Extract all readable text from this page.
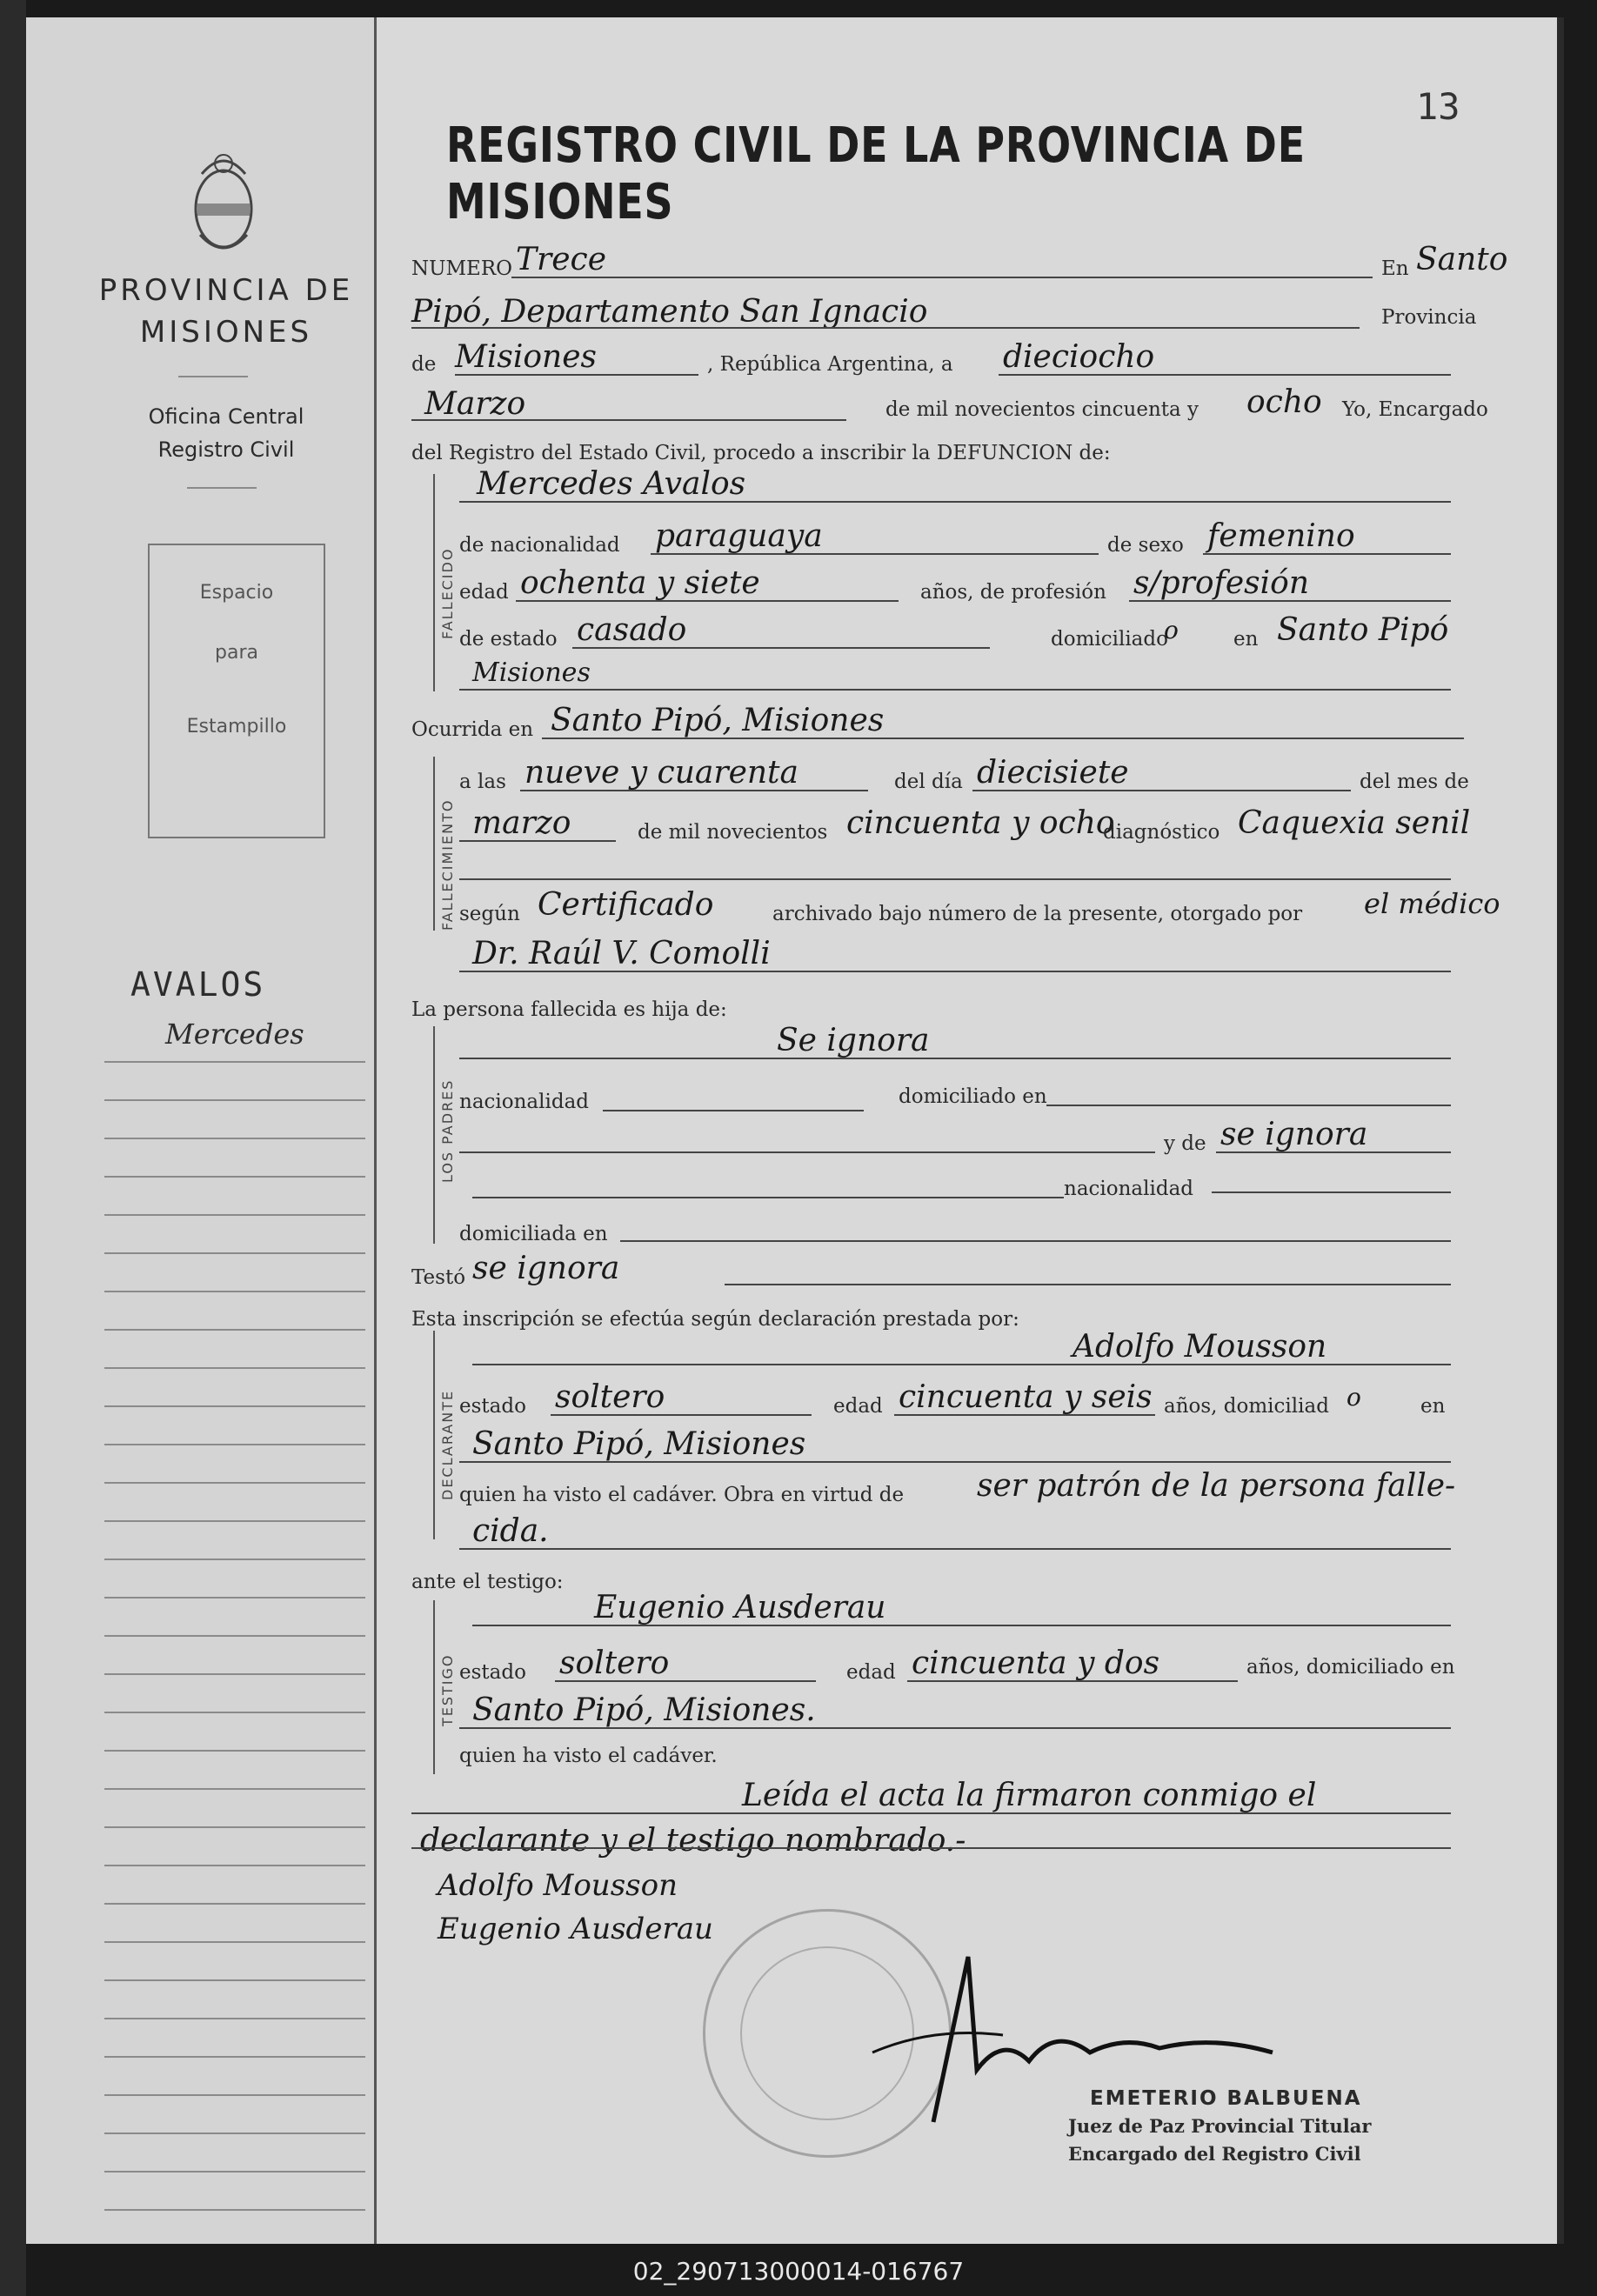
PROVINCIA DE
MISIONES
Oficina Central
Registro Civil
Espacio
para
Estampillo
AVALOS
Mercedes
13
REGISTRO CIVIL DE LA PROVINCIA DE MISIONES
NUMERO Trece	En Santo
Pipó, Departamento San Ignacio	Provincia
de Misiones	, República Argentina, a dieciocho
Marzo	de mil novecientos cincuenta y ocho Yo, Encargado
del Registro del Estado Civil, procedo a inscribir la DEFUNCION de:
FALLECIDO
Mercedes Avalos
de nacionalidad paraguaya	de sexo femenino
edad ochenta y siete	años, de profesión s/profesión
de estado casado	domiciliado
o	en Santo Pipó
Misiones
Ocurrida en Santo Pipó, Misiones
FALLECIMIENTO
a las nueve y cuarenta	del día diecisiete	del mes de
marzo	de mil novecientos cincuenta y ocho
diagnóstico Caquexia senil
según Certificado	archivado bajo número de la presente, otorgado por el médico
Dr. Raúl V. Comolli
La persona fallecida es hija de:
LOS PADRES
Se ignora
nacionalidad	domiciliado en
y de se ignora
nacionalidad
domiciliada en
Testó se ignora
Esta inscripción se efectúa según declaración prestada por:
DECLARANTE
Adolfo Mousson
estado soltero	edad cincuenta y seis años, domiciliad o	en
Santo Pipó, Misiones
quien ha visto el cadáver. Obra en virtud de ser patrón de la persona falle-
cida.
ante el testigo:
TESTIGO
Eugenio Ausderau
estado soltero	edad cincuenta y dos	años, domiciliado en
Santo Pipó, Misiones.
quien ha visto el cadáver.
Leída el acta la firmaron conmigo el
declarante y el testigo nombrado.-
Adolfo Mousson
Eugenio Ausderau
EMETERIO BALBUENA
Juez de Paz Provincial Titular
Encargado del Registro Civil
02_290713000014-016767
